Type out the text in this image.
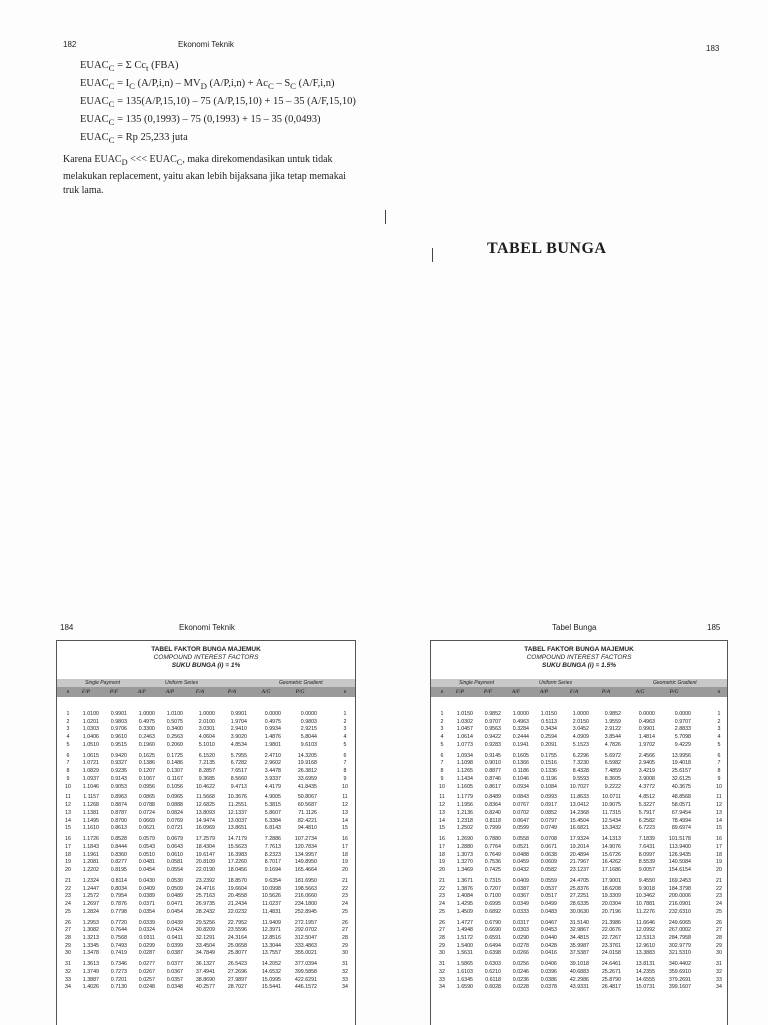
182	Ekonomi Teknik
$EUAC_C = \Sigma$ $Cc_t$ (FBA)
$EUAC_C = I_C$ $(A/P,i,n) - MV_D$ $(A/P,i,n) + Ac_C - S_C$ (A/F,i,n)
$EUAC_C = 135(A/P,15,10) - 75$ (A/P,15,10) + 15 – 35 (A/F,15,10)
$EUAC_C = 135$ (0,1993) – 75 (0,1993) + 15 – 35 (0,0493)
$EUAC_C = Rp$ 25,233 juta
Karena $EUAC_D$ <<< $EUAC_C$, maka direkomendasikan untuk tidak melakukan replacement, yaitu akan lebih bijaksana jika tetap memakai truk lama.
183
TABEL BUNGA
184	Ekonomi Teknik
TABEL FAKTOR BUNGA MAJEMUK
COMPOUND INTEREST FACTORS
SUKU BUNGA (i) = 1%
Single Payment	Uniform Series	Geometric Gradient
n	F/P	P/F	A/F	A/P	F/A	P/A	A/G	P/G	n
1	1.0100	0.9901	1.0000	1.0100	1.0000	0.9901	0.0000	0.0000	1
2	1.0201	0.9803	0.4975	0.5075	2.0100	1.9704	0.4975	0.9803	2
3	1.0303	0.9706	0.3300	0.3400	3.0301	2.9410	0.9934	2.9215	3
4	1.0406	0.9610	0.2463	0.2563	4.0604	3.9020	1.4876	5.8044	4
5	1.0510	0.9515	0.1960	0.2060	5.1010	4.8534	1.9801	9.6103	5
6	1.0615	0.9420	0.1625	0.1725	6.1520	5.7955	2.4710	14.3205	6
7	1.0721	0.9327	0.1386	0.1486	7.2135	6.7282	2.9602	19.9168	7
8	1.0829	0.9235	0.1207	0.1307	8.2857	7.6517	3.4478	26.3812	8
9	1.0937	0.9143	0.1067	0.1167	9.3685	8.5660	3.9337	33.6959	9
10	1.1046	0.9053	0.0956	0.1056	10.4622	9.4713	4.4179	41.8435	10
11	1.1157	0.8963	0.0865	0.0965	11.5668	10.3676	4.9005	50.8067	11
12	1.1268	0.8874	0.0788	0.0888	12.6825	11.2551	5.3815	60.5687	12
13	1.1381	0.8787	0.0724	0.0824	13.8093	12.1337	5.8607	71.1126	13
14	1.1495	0.8700	0.0669	0.0769	14.9474	13.0037	6.3384	82.4221	14
15	1.1610	0.8613	0.0621	0.0721	16.0969	13.8651	6.8143	94.4810	15
16	1.1726	0.8528	0.0579	0.0679	17.2579	14.7179	7.2886	107.2734	16
17	1.1843	0.8444	0.0543	0.0643	18.4304	15.5623	7.7613	120.7834	17
18	1.1961	0.8360	0.0510	0.0610	19.6147	16.3983	8.2323	134.9957	18
19	1.2081	0.8277	0.0481	0.0581	20.8109	17.2260	8.7017	149.8950	19
20	1.2202	0.8195	0.0454	0.0554	22.0190	18.0456	9.1694	165.4664	20
21	1.2324	0.8114	0.0430	0.0530	23.2392	18.8570	9.6354	181.6950	21
22	1.2447	0.8034	0.0409	0.0509	24.4716	19.6604	10.0998	198.5663	22
23	1.2572	0.7954	0.0389	0.0489	25.7163	20.4558	10.5626	216.0660	23
24	1.2697	0.7876	0.0371	0.0471	26.9735	21.2434	11.0237	234.1800	24
25	1.2824	0.7798	0.0354	0.0454	28.2432	22.0232	11.4831	252.8945	25
26	1.2953	0.7720	0.0339	0.0439	29.5256	22.7952	11.9409	272.1957	26
27	1.3082	0.7644	0.0324	0.0424	30.8209	23.5596	12.3971	292.0702	27
28	1.3213	0.7568	0.0311	0.0411	32.1291	24.3164	12.8516	312.5047	28
29	1.3345	0.7493	0.0299	0.0399	33.4504	25.0658	13.3044	333.4863	29
30	1.3478	0.7419	0.0287	0.0387	34.7849	25.8077	13.7557	355.0021	30
31	1.3613	0.7346	0.0277	0.0377	36.1327	26.5423	14.2052	377.0394	31
32	1.3749	0.7273	0.0267	0.0367	37.4941	27.2696	14.6532	399.5858	32
33	1.3887	0.7201	0.0257	0.0357	38.8690	27.9897	15.0995	422.6291	33
34	1.4026	0.7130	0.0248	0.0348	40.2577	28.7027	15.5441	446.1572	34
Tabel Bunga	185
TABEL FAKTOR BUNGA MAJEMUK
COMPOUND INTEREST FACTORS
SUKU BUNGA (i) = 1.5%
Single Payment	Uniform Series	Geometric Gradient
n	F/P	P/F	A/F	A/P	F/A	P/A	A/G	P/G	n
1	1.0150	0.9852	1.0000	1.0150	1.0000	0.9852	0.0000	0.0000	1
2	1.0302	0.9707	0.4963	0.5113	2.0150	1.9559	0.4963	0.9707	2
3	1.0457	0.9563	0.3284	0.3434	3.0452	2.9122	0.9901	2.8833	3
4	1.0614	0.9422	0.2444	0.2594	4.0909	3.8544	1.4814	5.7098	4
5	1.0773	0.9283	0.1941	0.2091	5.1523	4.7826	1.9702	9.4229	5
6	1.0934	0.9145	0.1605	0.1755	6.2296	5.6972	2.4566	13.9956	6
7	1.1098	0.9010	0.1366	0.1516	7.3230	6.5982	2.9405	19.4018	7
8	1.1265	0.8877	0.1186	0.1336	8.4328	7.4859	3.4219	25.6157	8
9	1.1434	0.8746	0.1046	0.1196	9.5593	8.3605	3.9008	32.6125	9
10	1.1605	0.8617	0.0934	0.1084	10.7027	9.2222	4.3772	40.3675	10
11	1.1779	0.8489	0.0843	0.0993	11.8633	10.0711	4.8512	48.8568	11
12	1.1956	0.8364	0.0767	0.0917	13.0412	10.9075	5.3227	58.0571	12
13	1.2136	0.8240	0.0702	0.0852	14.2368	11.7315	5.7917	67.9454	13
14	1.2318	0.8118	0.0647	0.0797	15.4504	12.5434	6.2582	78.4994	14
15	1.2502	0.7999	0.0599	0.0749	16.6821	13.3432	6.7223	89.6974	15
16	1.2690	0.7880	0.0558	0.0708	17.9324	14.1313	7.1839	101.5178	16
17	1.2880	0.7764	0.0521	0.0671	19.2014	14.9076	7.6431	113.9400	17
18	1.3073	0.7649	0.0488	0.0638	20.4894	15.6726	8.0997	126.9435	18
19	1.3270	0.7536	0.0459	0.0609	21.7967	16.4262	8.5539	140.5084	19
20	1.3469	0.7425	0.0432	0.0582	23.1237	17.1686	9.0057	154.6154	20
21	1.3671	0.7315	0.0409	0.0559	24.4705	17.9001	9.4550	169.2453	21
22	1.3876	0.7207	0.0387	0.0537	25.8376	18.6208	9.9018	184.3798	22
23	1.4084	0.7100	0.0367	0.0517	27.2251	19.3309	10.3462	200.0006	23
24	1.4295	0.6995	0.0349	0.0499	28.6335	20.0304	10.7881	216.0901	24
25	1.4509	0.6892	0.0333	0.0483	30.0630	20.7196	11.2276	232.6310	25
26	1.4727	0.6790	0.0317	0.0467	31.5140	21.3986	11.6646	249.6065	26
27	1.4948	0.6690	0.0303	0.0453	32.9867	22.0676	12.0992	267.0002	27
28	1.5172	0.6591	0.0290	0.0440	34.4815	22.7267	12.5313	284.7958	28
29	1.5400	0.6494	0.0278	0.0428	35.9987	23.3761	12.9610	302.9779	29
30	1.5631	0.6398	0.0266	0.0416	37.5387	24.0158	13.3883	321.5310	30
31	1.5865	0.6303	0.0256	0.0406	39.1018	24.6461	13.8131	340.4402	31
32	1.6103	0.6210	0.0246	0.0396	40.6883	25.2671	14.2355	359.6910	32
33	1.6345	0.6118	0.0236	0.0386	42.2986	25.8790	14.6555	379.2691	33
34	1.6590	0.6028	0.0228	0.0378	43.9331	26.4817	15.0731	399.1607	34
